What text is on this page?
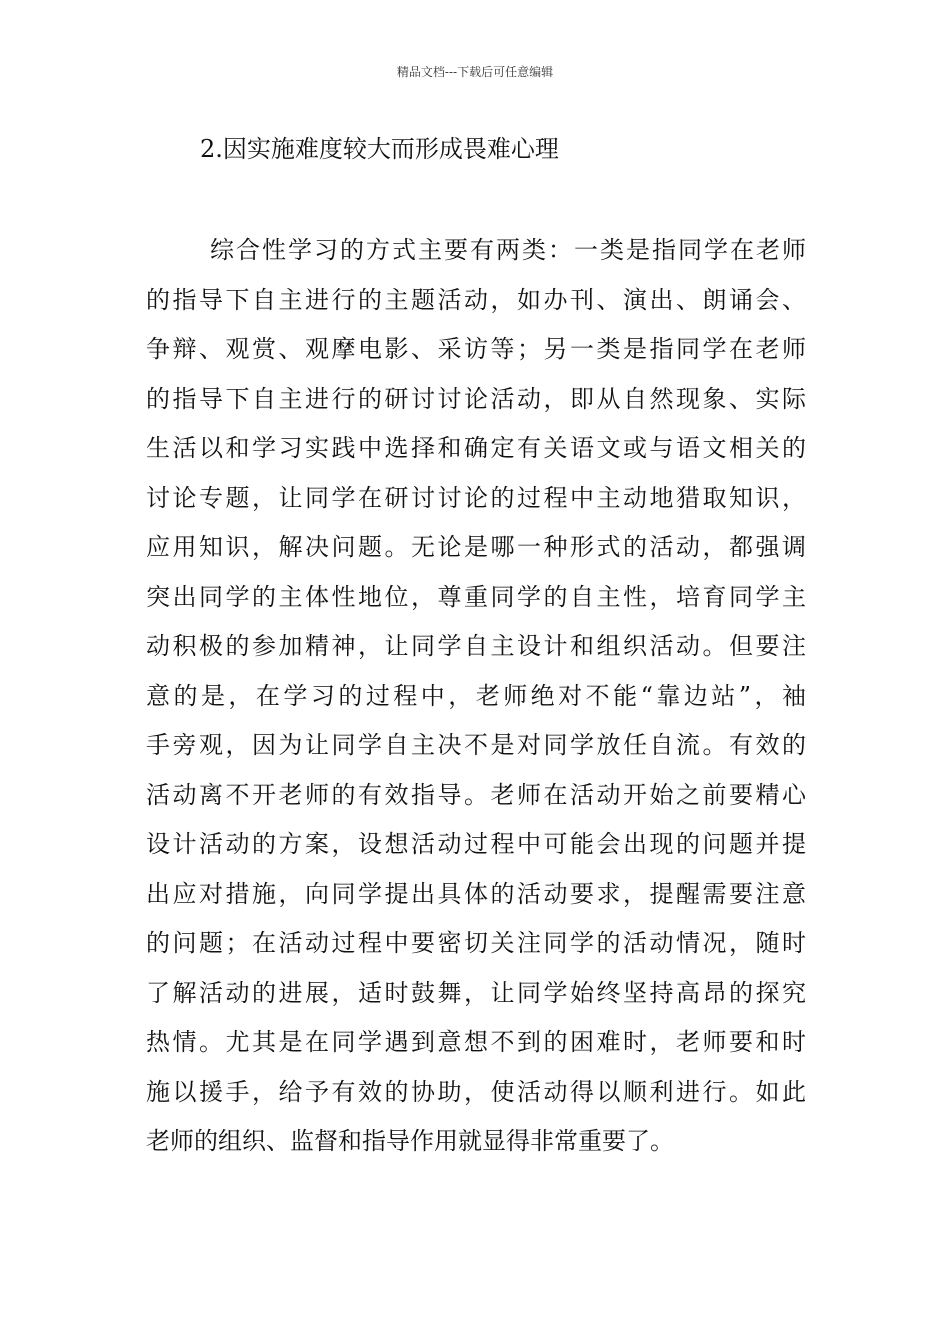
精品文档---下载后可任意编辑
2.因实施难度较大而形成畏难心理
综合性学习的方式主要有两类：一类是指同学在老师
的指导下自主进行的主题活动，如办刊、演出、朗诵会、
争辩、观赏、观摩电影、采访等；另一类是指同学在老师
的指导下自主进行的研讨讨论活动，即从自然现象、实际
生活以和学习实践中选择和确定有关语文或与语文相关的
讨论专题，让同学在研讨讨论的过程中主动地猎取知识，
应用知识，解决问题。无论是哪一种形式的活动，都强调
突出同学的主体性地位，尊重同学的自主性，培育同学主
动积极的参加精神，让同学自主设计和组织活动。但要注
意的是，在学习的过程中，老师绝对不能“靠边站”，袖
手旁观，因为让同学自主决不是对同学放任自流。有效的
活动离不开老师的有效指导。老师在活动开始之前要精心
设计活动的方案，设想活动过程中可能会出现的问题并提
出应对措施，向同学提出具体的活动要求，提醒需要注意
的问题；在活动过程中要密切关注同学的活动情况，随时
了解活动的进展，适时鼓舞，让同学始终坚持高昂的探究
热情。尤其是在同学遇到意想不到的困难时，老师要和时
施以援手，给予有效的协助，使活动得以顺利进行。如此
老师的组织、监督和指导作用就显得非常重要了。
